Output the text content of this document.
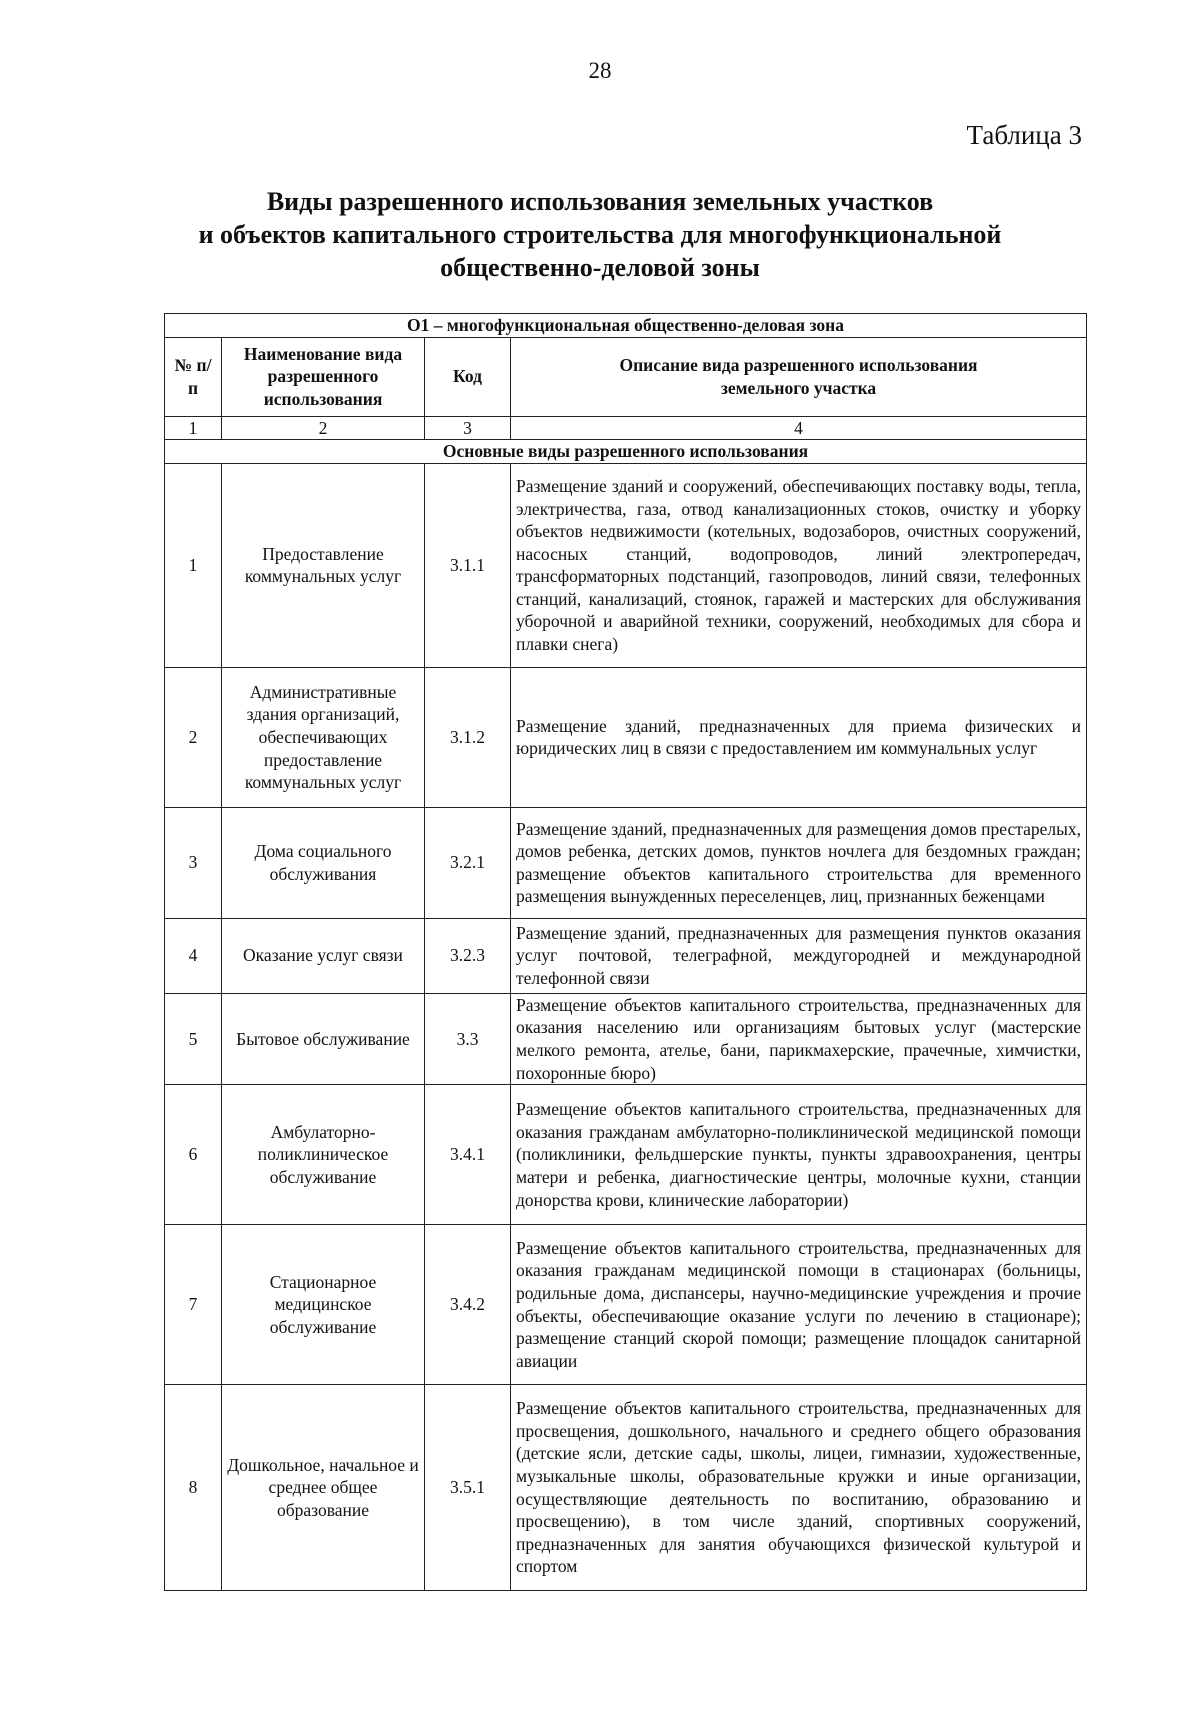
28
Таблица 3
Виды разрешенного использования земельных участков
и объектов капитального строительства для многофункциональной
общественно-деловой зоны
О1 – многофункциональная общественно-деловая зона			
№ п/п	Наименование вида разрешенного использования	Код	Описание вида разрешенного использования земельного участка
1	2	3	4
Основные виды разрешенного использования			
1	Предоставление коммунальных услуг	3.1.1	Размещение зданий и сооружений, обеспечивающих поставку воды, тепла, электричества, газа, отвод канализационных стоков, очистку и уборку объектов недвижимости (котельных, водозаборов, очистных сооружений, насосных станций, водопроводов, линий электропередач, трансформаторных подстанций, газопроводов, линий связи, телефонных станций, канализаций, стоянок, гаражей и мастерских для обслуживания уборочной и аварийной техники, сооружений, необходимых для сбора и плавки снега)
2	Административные здания организаций, обеспечивающих предоставление коммунальных услуг	3.1.2	Размещение зданий, предназначенных для приема физических и юридических лиц в связи с предоставлением им коммунальных услуг
3	Дома социального обслуживания	3.2.1	Размещение зданий, предназначенных для размещения домов престарелых, домов ребенка, детских домов, пунктов ночлега для бездомных граждан; размещение объектов капитального строительства для временного размещения вынужденных переселенцев, лиц, признанных беженцами
4	Оказание услуг связи	3.2.3	Размещение зданий, предназначенных для размещения пунктов оказания услуг почтовой, телеграфной, междугородней и международной телефонной связи
5	Бытовое обслуживание	3.3	Размещение объектов капитального строительства, предназначенных для оказания населению или организациям бытовых услуг (мастерские мелкого ремонта, ателье, бани, парикмахерские, прачечные, химчистки, похоронные бюро)
6	Амбулаторно-поликлиническое обслуживание	3.4.1	Размещение объектов капитального строительства, предназначенных для оказания гражданам амбулаторно-поликлинической медицинской помощи (поликлиники, фельдшерские пункты, пункты здравоохранения, центры матери и ребенка, диагностические центры, молочные кухни, станции донорства крови, клинические лаборатории)
7	Стационарное медицинское обслуживание	3.4.2	Размещение объектов капитального строительства, предназначенных для оказания гражданам медицинской помощи в стационарах (больницы, родильные дома, диспансеры, научно-медицинские учреждения и прочие объекты, обеспечивающие оказание услуги по лечению в стационаре); размещение станций скорой помощи; размещение площадок санитарной авиации
8	Дошкольное, начальное и среднее общее образование	3.5.1	Размещение объектов капитального строительства, предназначенных для просвещения, дошкольного, начального и среднего общего образования (детские ясли, детские сады, школы, лицеи, гимназии, художественные, музыкальные школы, образовательные кружки и иные организации, осуществляющие деятельность по воспитанию, образованию и просвещению), в том числе зданий, спортивных сооружений, предназначенных для занятия обучающихся физической культурой и спортом
